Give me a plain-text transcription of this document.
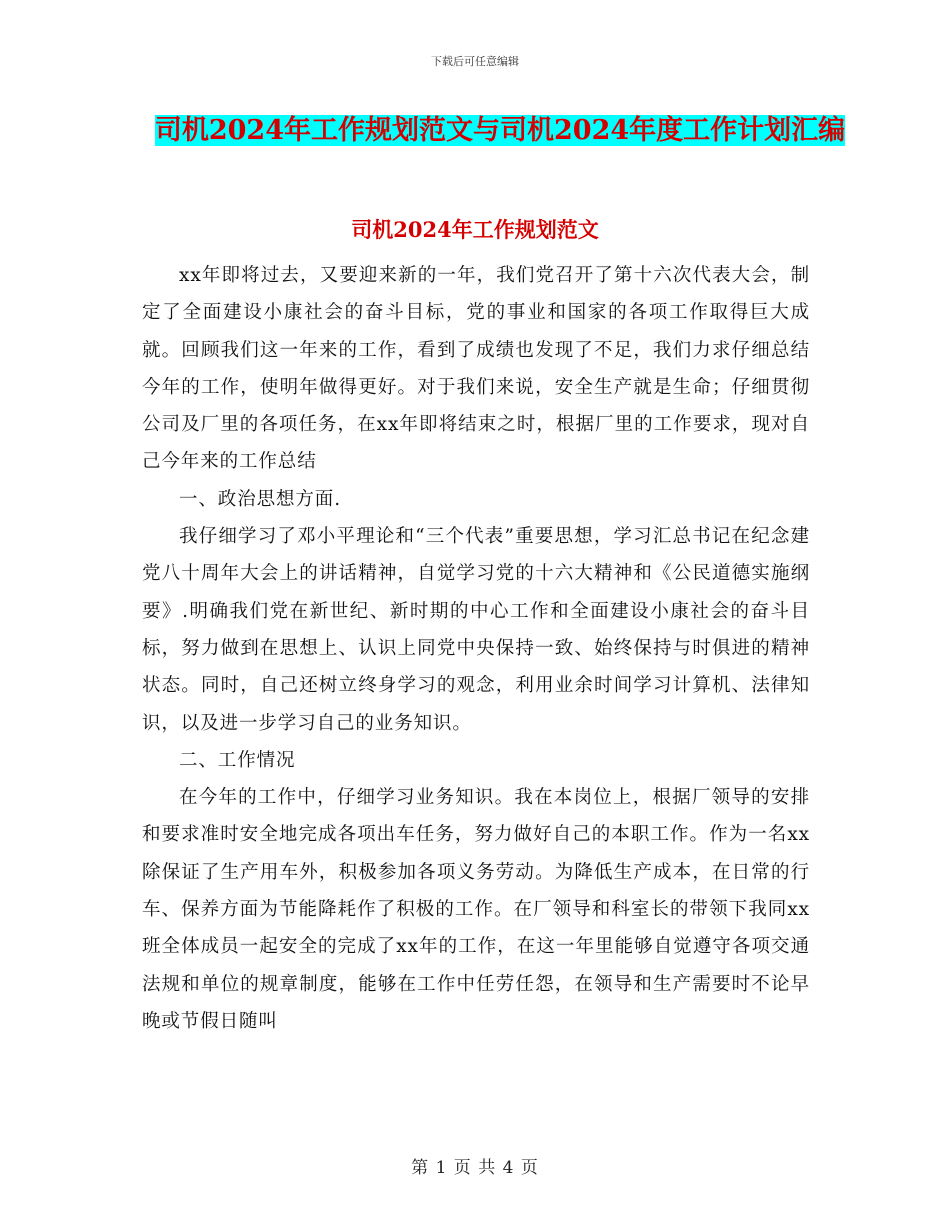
下载后可任意编辑
司机2024年工作规划范文与司机2024年度工作计划汇编
司机2024年工作规划范文

xx年即将过去，又要迎来新的一年，我们党召开了第十六次代表大会，制定了全面建设小康社会的奋斗目标，党的事业和国家的各项工作取得巨大成就。回顾我们这一年来的工作，看到了成绩也发现了不足，我们力求仔细总结今年的工作，使明年做得更好。对于我们来说，安全生产就是生命；仔细贯彻公司及厂里的各项任务，在xx年即将结束之时，根据厂里的工作要求，现对自己今年来的工作总结

一、政治思想方面.

我仔细学习了邓小平理论和“三个代表”重要思想，学习汇总书记在纪念建党八十周年大会上的讲话精神，自觉学习党的十六大精神和《公民道德实施纲要》.明确我们党在新世纪、新时期的中心工作和全面建设小康社会的奋斗目标，努力做到在思想上、认识上同党中央保持一致、始终保持与时俱进的精神状态。同时，自己还树立终身学习的观念，利用业余时间学习计算机、法律知识，以及进一步学习自己的业务知识。

二、工作情况

在今年的工作中，仔细学习业务知识。我在本岗位上，根据厂领导的安排和要求准时安全地完成各项出车任务，努力做好自己的本职工作。作为一名xx除保证了生产用车外，积极参加各项义务劳动。为降低生产成本，在日常的行车、保养方面为节能降耗作了积极的工作。在厂领导和科室长的带领下我同xx班全体成员一起安全的完成了xx年的工作，在这一年里能够自觉遵守各项交通法规和单位的规章制度，能够在工作中任劳任怨，在领导和生产需要时不论早晚或节假日随叫

第 1 页 共 4 页
